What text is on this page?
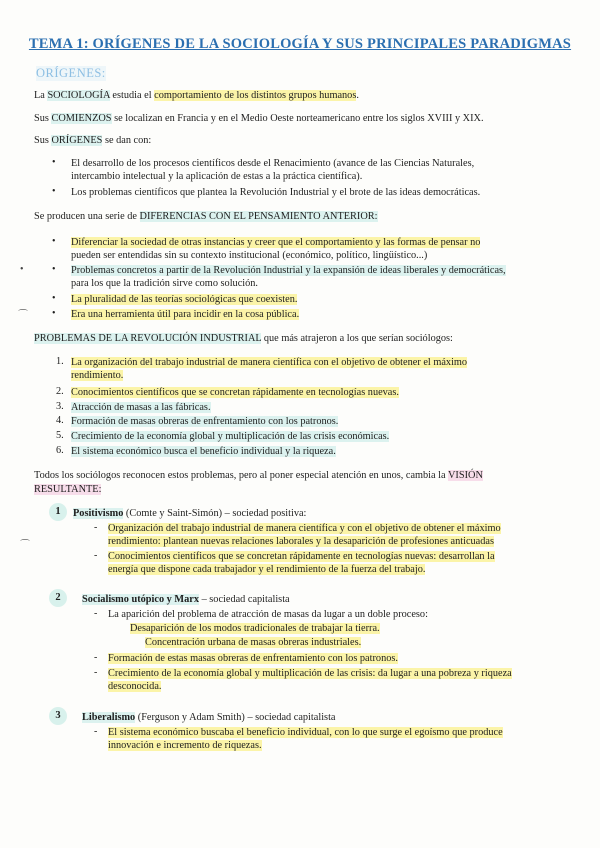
TEMA 1: ORÍGENES DE LA SOCIOLOGÍA Y SUS PRINCIPALES PARADIGMAS
ORÍGENES:
La SOCIOLOGÍA estudia el comportamiento de los distintos grupos humanos.
Sus COMIENZOS se localizan en Francia y en el Medio Oeste norteamericano entre los siglos XVIII y XIX.
Sus ORÍGENES se dan con:
• El desarrollo de los procesos científicos desde el Renacimiento (avance de las Ciencias Naturales,
intercambio intelectual y la aplicación de estas a la práctica científica).
• Los problemas científicos que plantea la Revolución Industrial y el brote de las ideas democráticas.
Se producen una serie de DIFERENCIAS CON EL PENSAMIENTO ANTERIOR:
• Diferenciar la sociedad de otras instancias y creer que el comportamiento y las formas de pensar no
pueden ser entendidas sin su contexto institucional (económico, político, lingüístico...)
•	• Problemas concretos a partir de la Revolución Industrial y la expansión de ideas liberales y democráticas,
para los que la tradición sirve como solución.
• La pluralidad de las teorías sociológicas que coexisten.
⌒ • Era una herramienta útil para incidir en la cosa pública.
PROBLEMAS DE LA REVOLUCIÓN INDUSTRIAL que más atrajeron a los que serían sociólogos:
1. La organización del trabajo industrial de manera científica con el objetivo de obtener el máximo
rendimiento.
2. Conocimientos científicos que se concretan rápidamente en tecnologías nuevas.
3. Atracción de masas a las fábricas.
4. Formación de masas obreras de enfrentamiento con los patronos.
5. Crecimiento de la economía global y multiplicación de las crisis económicas.
6. El sistema económico busca el beneficio individual y la riqueza.
Todos los sociólogos reconocen estos problemas, pero al poner especial atención en unos, cambia la VISIÓN
RESULTANTE:
1	Positivismo (Comte y Saint-Simón) – sociedad positiva:
⌒
- Organización del trabajo industrial de manera científica y con el objetivo de obtener el máximo
rendimiento: plantean nuevas relaciones laborales y la desaparición de profesiones anticuadas
- Conocimientos científicos que se concretan rápidamente en tecnologías nuevas: desarrollan la
energía que dispone cada trabajador y el rendimiento de la fuerza del trabajo.
2	Socialismo utópico y Marx – sociedad capitalista
- La aparición del problema de atracción de masas da lugar a un doble proceso:
Desaparición de los modos tradicionales de trabajar la tierra.
Concentración urbana de masas obreras industriales.
- Formación de estas masas obreras de enfrentamiento con los patronos.
- Crecimiento de la economía global y multiplicación de las crisis: da lugar a una pobreza y riqueza
desconocida.
3	Liberalismo (Ferguson y Adam Smith) – sociedad capitalista
- El sistema económico buscaba el beneficio individual, con lo que surge el egoísmo que produce
innovación e incremento de riquezas.
